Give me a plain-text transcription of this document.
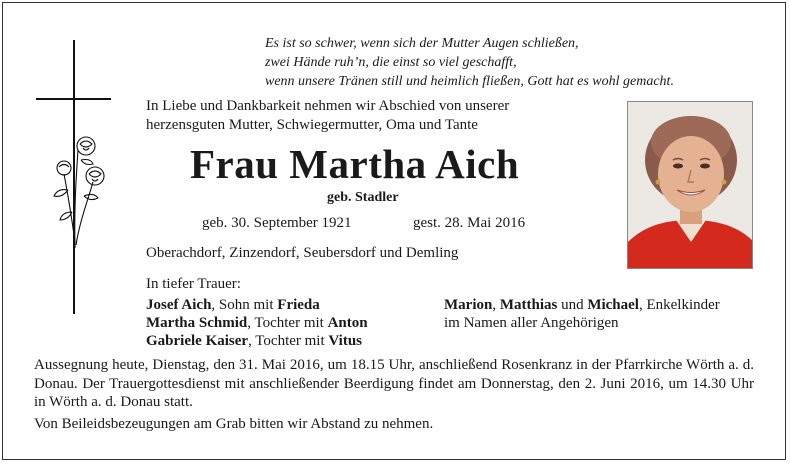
Es ist so schwer, wenn sich der Mutter Augen schließen,
zwei Hände ruh’n, die einst so viel geschafft,
wenn unsere Tränen still und heimlich fließen, Gott hat es wohl gemacht.
In Liebe und Dankbarkeit nehmen wir Abschied von unserer
herzensguten Mutter, Schwiegermutter, Oma und Tante
Frau Martha Aich
geb. Stadler
geb. 30. September 1921	gest. 28. Mai 2016
Oberachdorf, Zinzendorf, Seubersdorf und Demling
In tiefer Trauer:
Josef Aich, Sohn mit Frieda
Martha Schmid, Tochter mit Anton
Gabriele Kaiser, Tochter mit Vitus
Marion, Matthias und Michael, Enkelkinder
im Namen aller Angehörigen
Aussegnung heute, Dienstag, den 31. Mai 2016, um 18.15 Uhr, anschließend Rosenkranz in der Pfarrkirche Wörth a. d. Donau. Der Trauergottesdienst mit anschließender Beerdigung findet am Donnerstag, den 2. Juni 2016, um 14.30 Uhr in Wörth a. d. Donau statt.
Von Beileidsbezeugungen am Grab bitten wir Abstand zu nehmen.
